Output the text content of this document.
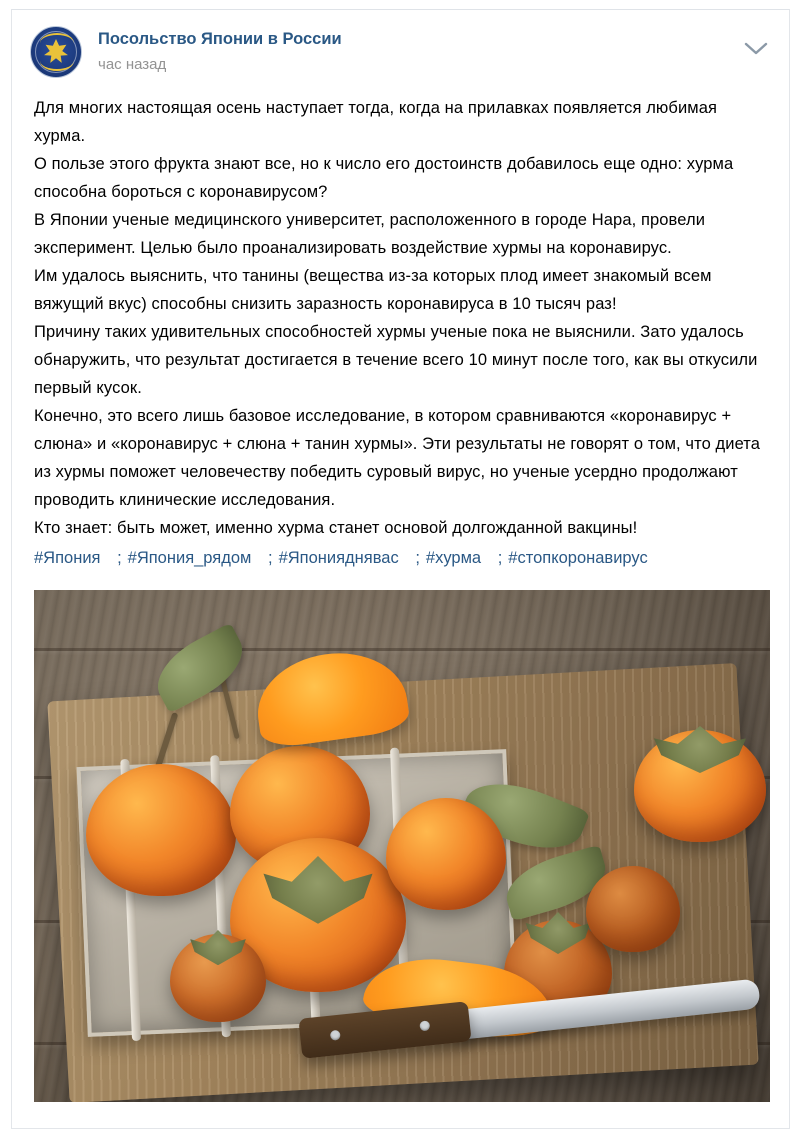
Посольство Японии в России
час назад

Для многих настоящая осень наступает тогда, когда на прилавках появляется любимая хурма.

О пользе этого фрукта знают все, но к число его достоинств добавилось еще одно: хурма способна бороться с коронавирусом?

В Японии ученые медицинского университет, расположенного в городе Нара, провели эксперимент. Целью было проанализировать воздействие хурмы на коронавирус.

Им удалось выяснить, что танины (вещества из-за которых плод имеет знакомый всем вяжущий вкус) способны снизить заразность коронавируса в 10 тысяч раз!

Причину таких удивительных способностей хурмы ученые пока не выяснили. Зато удалось обнаружить, что результат достигается в течение всего 10 минут после того, как вы откусили первый кусок.

Конечно, это всего лишь базовое исследование, в котором сравниваются «коронавирус + слюна» и «коронавирус + слюна + танин хурмы». Эти результаты не говорят о том, что диета из хурмы поможет человечеству победить суровый вирус, но ученые усердно продолжают проводить клинические исследования.

Кто знает: быть может, именно хурма станет основой долгожданной вакцины!

#Япония ; #Япония_рядом ; #Японияднявас ; #хурма ; #стопкоронавирус
